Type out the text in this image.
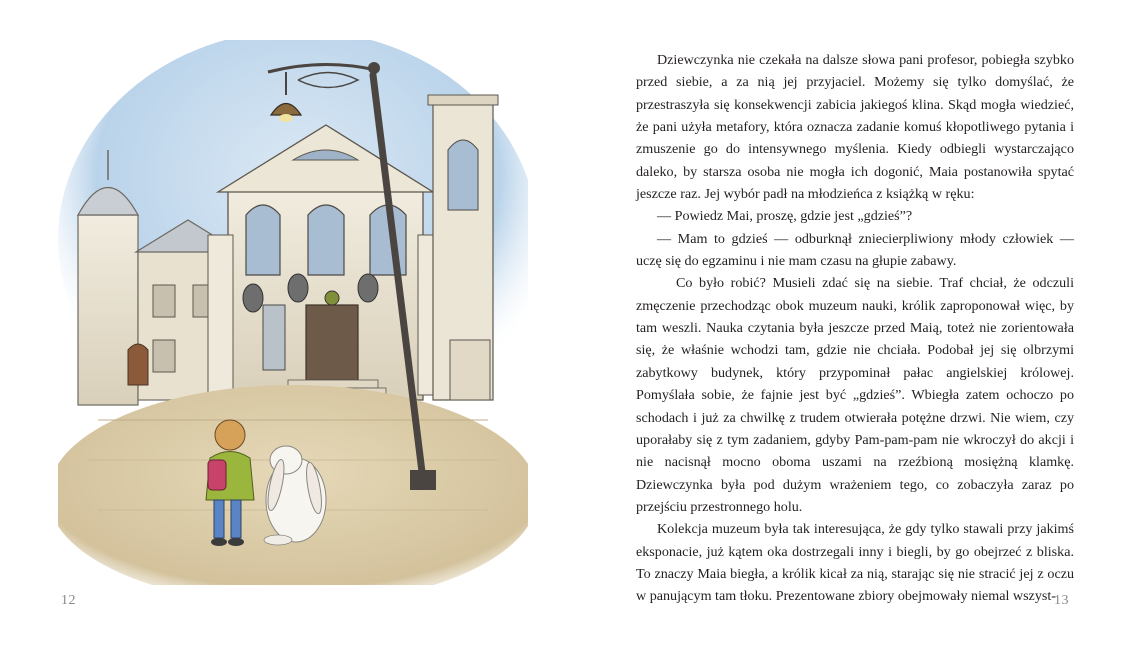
12

Dziewczynka nie czekała na dalsze słowa pani profesor, pobiegła szybko przed siebie, a za nią jej przyjaciel. Możemy się tylko domyślać, że przestraszyła się konsekwencji zabicia jakiegoś klina. Skąd mogła wiedzieć, że pani użyła metafory, która oznacza zadanie komuś kłopotliwego pytania i zmuszenie go do intensywnego myślenia. Kiedy odbiegli wystarczająco daleko, by starsza osoba nie mogła ich dogonić, Maia postanowiła spytać jeszcze raz. Jej wybór padł na młodzieńca z książką w ręku:

— Powiedz Mai, proszę, gdzie jest „gdzieś”?

— Mam to gdzieś — odburknął zniecierpliwiony młody człowiek — uczę się do egzaminu i nie mam czasu na głupie zabawy.

Co było robić? Musieli zdać się na siebie. Traf chciał, że odczuli zmęczenie przechodząc obok muzeum nauki, królik zaproponował więc, by tam weszli. Nauka czytania była jeszcze przed Maią, toteż nie zorientowała się, że właśnie wchodzi tam, gdzie nie chciała. Podobał jej się olbrzymi zabytkowy budynek, który przypominał pałac angielskiej królowej. Pomyślała sobie, że fajnie jest być „gdzieś”. Wbiegła zatem ochoczo po schodach i już za chwilkę z trudem otwierała potężne drzwi. Nie wiem, czy uporałaby się z tym zadaniem, gdyby Pam-pam-pam nie wkroczył do akcji i nie nacisnął mocno oboma uszami na rzeźbioną mosiężną klamkę. Dziewczynka była pod dużym wrażeniem tego, co zobaczyła zaraz po przejściu przestronnego holu.

Kolekcja muzeum była tak interesująca, że gdy tylko stawali przy jakimś eksponacie, już kątem oka dostrzegali inny i biegli, by go obejrzeć z bliska. To znaczy Maia biegła, a królik kicał za nią, starając się nie stracić jej z oczu w panującym tam tłoku. Prezentowane zbiory obejmowały niemal wszyst-

13
